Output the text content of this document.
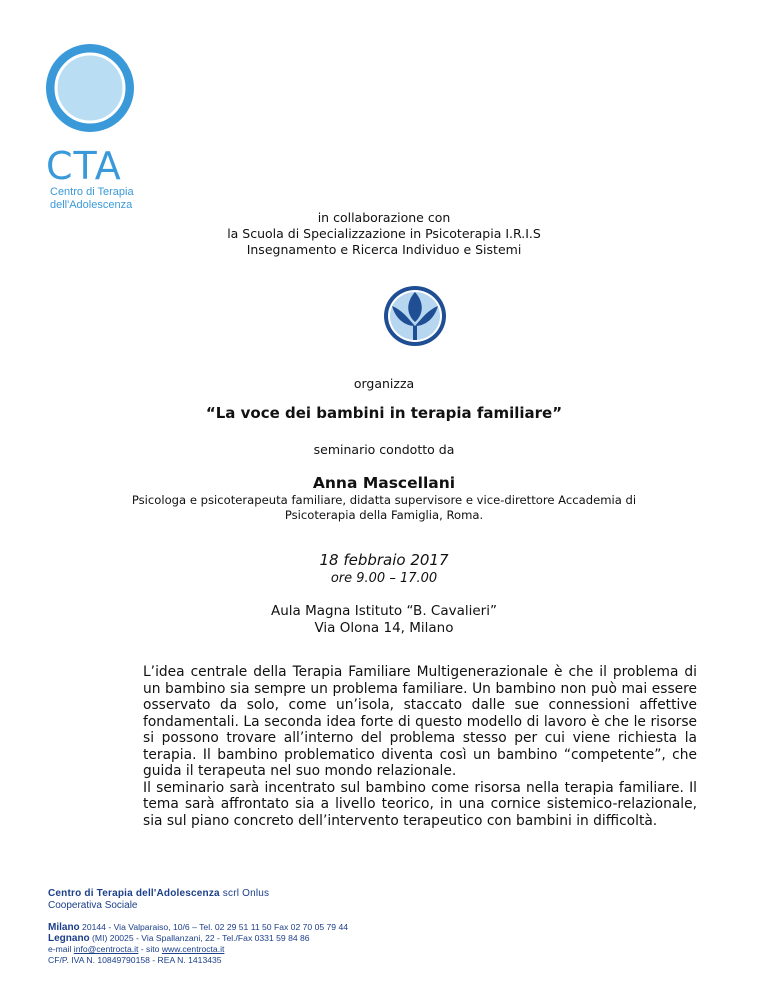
CTA
Centro di Terapia
dell'Adolescenza
in collaborazione con
la Scuola di Specializzazione in Psicoterapia I.R.I.S
Insegnamento e Ricerca Individuo e Sistemi
organizza
“La voce dei bambini in terapia familiare”
seminario condotto da
Anna Mascellani
Psicologa e psicoterapeuta familiare, didatta supervisore e vice-direttore Accademia di
Psicoterapia della Famiglia, Roma.
18 febbraio 2017
ore 9.00 – 17.00
Aula Magna Istituto “B. Cavalieri”
Via Olona 14, Milano

L’idea centrale della Terapia Familiare Multigenerazionale è che il problema di un bambino sia sempre un problema familiare. Un bambino non può mai essere osservato da solo, come un’isola, staccato dalle sue connessioni affettive fondamentali. La seconda idea forte di questo modello di lavoro è che le risorse si possono trovare all’interno del problema stesso per cui viene richiesta la terapia. Il bambino problematico diventa così un bambino “competente”, che guida il terapeuta nel suo mondo relazionale.

Il seminario sarà incentrato sul bambino come risorsa nella terapia familiare. Il tema sarà affrontato sia a livello teorico, in una cornice sistemico-relazionale, sia sul piano concreto dell’intervento terapeutico con bambini in difficoltà.

Centro di Terapia dell'Adolescenza scrl Onlus
Cooperativa Sociale
Milano 20144 - Via Valparaiso, 10/6 – Tel. 02 29 51 11 50 Fax 02 70 05 79 44
Legnano (MI) 20025 - Via Spallanzani, 22 - Tel./Fax 0331 59 84 86
e-mail info@centrocta.it - sito www.centrocta.it
CF/P. IVA N. 10849790158 - REA N. 1413435
